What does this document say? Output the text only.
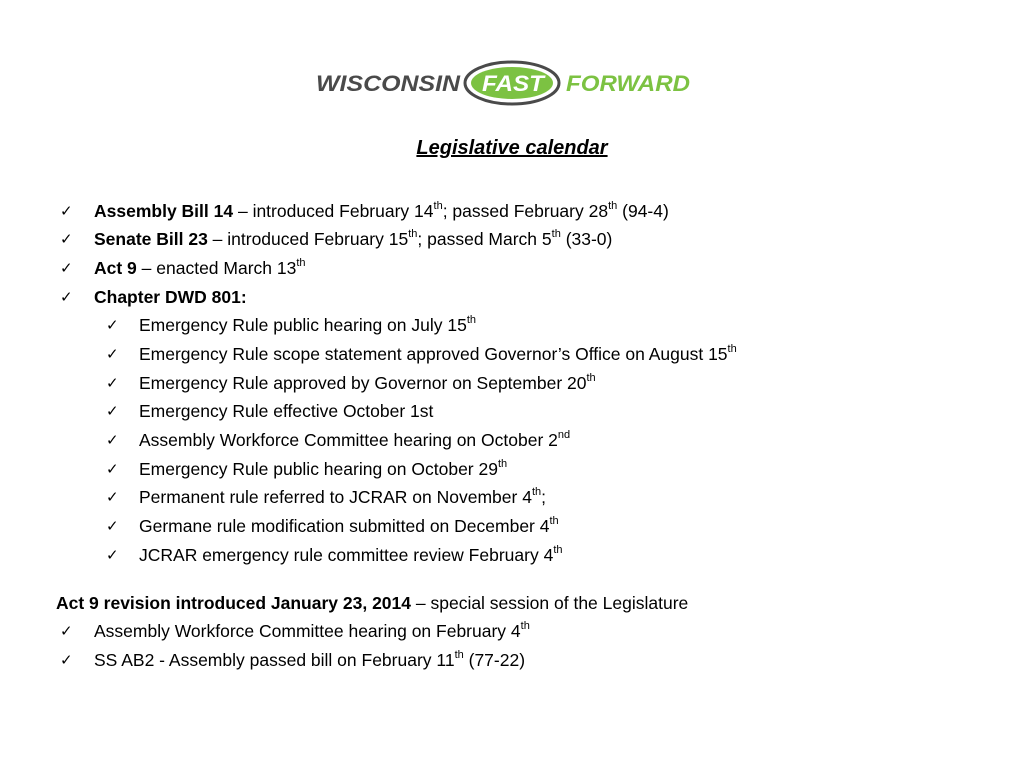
WISCONSIN FAST FORWARD
Legislative calendar
✓ Assembly Bill 14 – introduced February 14th; passed February 28th (94-4)
✓ Senate Bill 23 – introduced February 15th; passed March 5th (33-0)
✓ Act 9 – enacted March 13th
✓ Chapter DWD 801:
✓ Emergency Rule public hearing on July 15th
✓ Emergency Rule scope statement approved Governor’s Office on August 15th
✓ Emergency Rule approved by Governor on September 20th
✓ Emergency Rule effective October 1st
✓ Assembly Workforce Committee hearing on October 2nd
✓ Emergency Rule public hearing on October 29th
✓ Permanent rule referred to JCRAR on November 4th;
✓ Germane rule modification submitted on December 4th
✓ JCRAR emergency rule committee review February 4th
Act 9 revision introduced January 23, 2014 – special session of the Legislature
✓ Assembly Workforce Committee hearing on February 4th
✓ SS AB2 - Assembly passed bill on February 11th (77-22)
